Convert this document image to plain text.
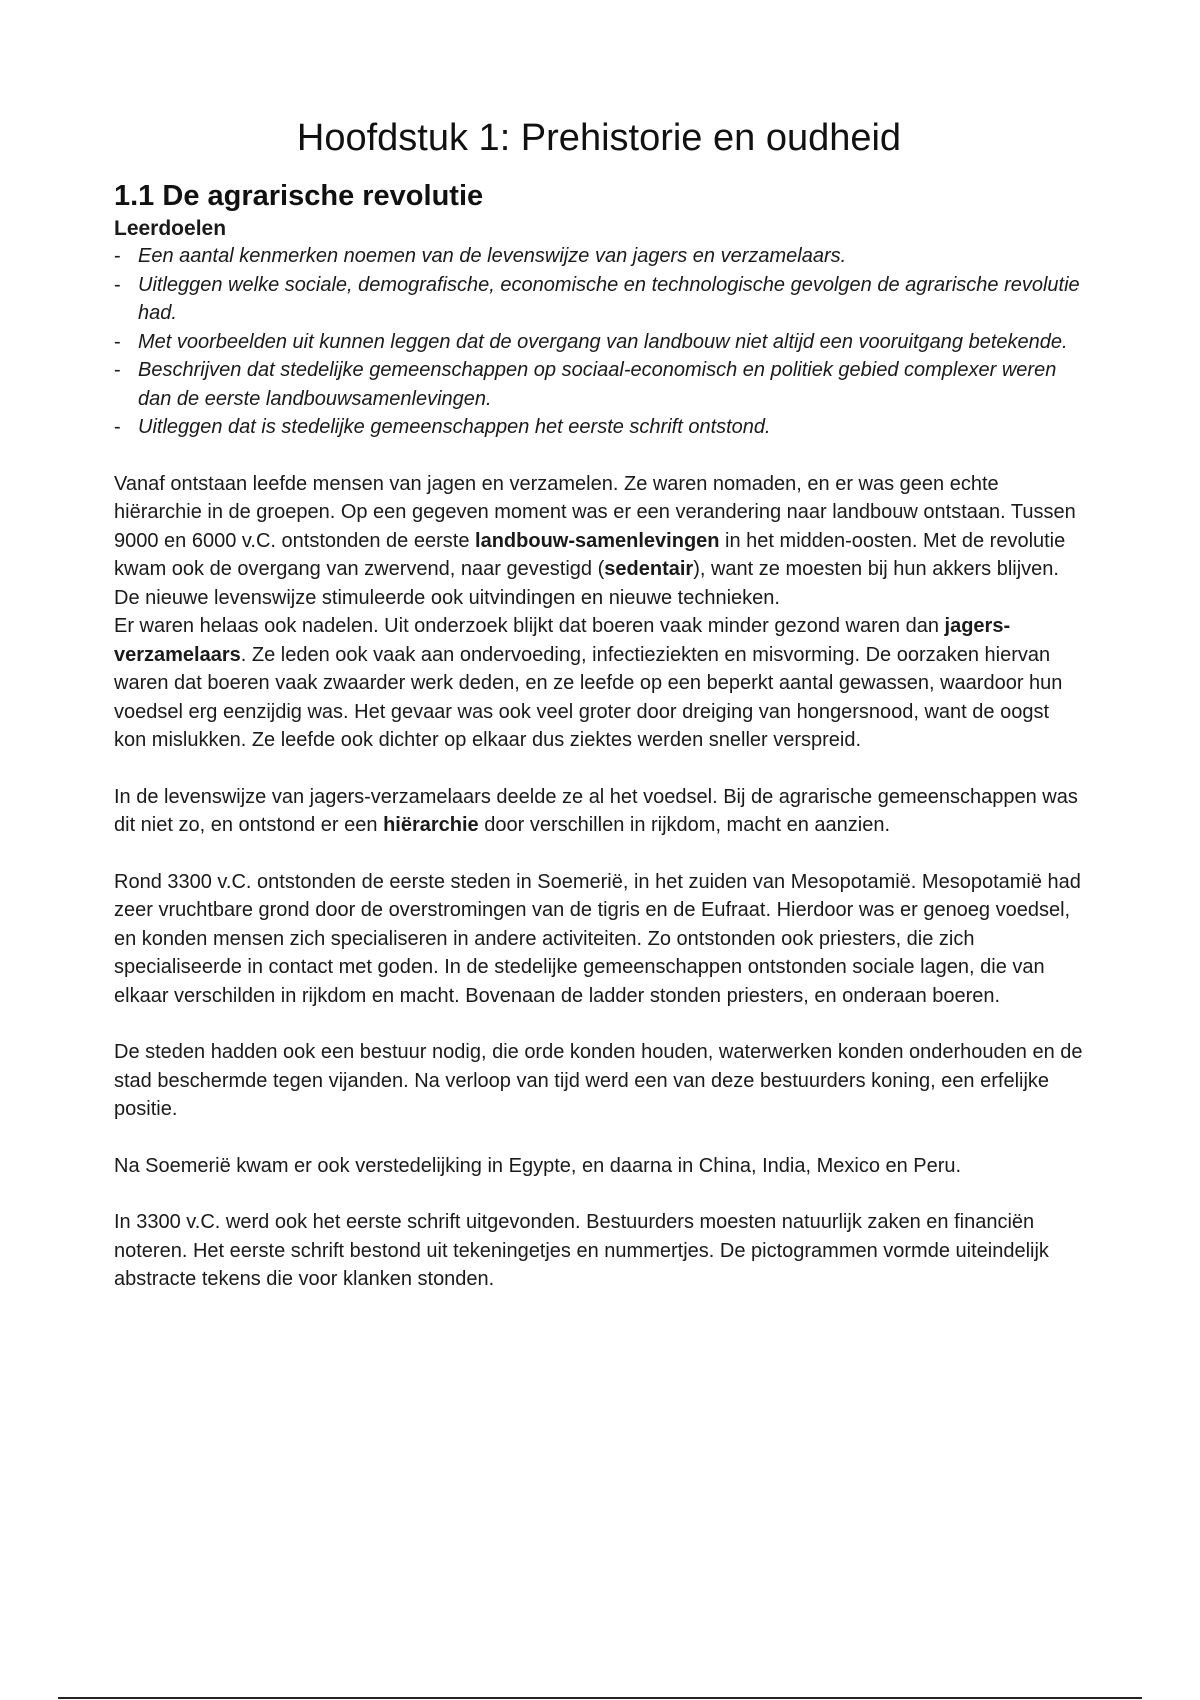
Hoofdstuk 1: Prehistorie en oudheid
1.1 De agrarische revolutie
Leerdoelen
- Een aantal kenmerken noemen van de levenswijze van jagers en verzamelaars.
- Uitleggen welke sociale, demografische, economische en technologische gevolgen de agrarische revolutie had.
- Met voorbeelden uit kunnen leggen dat de overgang van landbouw niet altijd een vooruitgang betekende.
- Beschrijven dat stedelijke gemeenschappen op sociaal-economisch en politiek gebied complexer weren dan de eerste landbouwsamenlevingen.
- Uitleggen dat is stedelijke gemeenschappen het eerste schrift ontstond.

Vanaf ontstaan leefde mensen van jagen en verzamelen. Ze waren nomaden, en er was geen echte hiërarchie in de groepen. Op een gegeven moment was er een verandering naar landbouw ontstaan. Tussen 9000 en 6000 v.C. ontstonden de eerste landbouw-samenlevingen in het midden-oosten. Met de revolutie kwam ook de overgang van zwervend, naar gevestigd (sedentair), want ze moesten bij hun akkers blijven. De nieuwe levenswijze stimuleerde ook uitvindingen en nieuwe technieken.

Er waren helaas ook nadelen. Uit onderzoek blijkt dat boeren vaak minder gezond waren dan jagers-verzamelaars. Ze leden ook vaak aan ondervoeding, infectieziekten en misvorming. De oorzaken hiervan waren dat boeren vaak zwaarder werk deden, en ze leefde op een beperkt aantal gewassen, waardoor hun voedsel erg eenzijdig was. Het gevaar was ook veel groter door dreiging van hongersnood, want de oogst kon mislukken. Ze leefde ook dichter op elkaar dus ziektes werden sneller verspreid.

In de levenswijze van jagers-verzamelaars deelde ze al het voedsel. Bij de agrarische gemeenschappen was dit niet zo, en ontstond er een hiërarchie door verschillen in rijkdom, macht en aanzien.

Rond 3300 v.C. ontstonden de eerste steden in Soemerië, in het zuiden van Mesopotamië. Mesopotamië had zeer vruchtbare grond door de overstromingen van de tigris en de Eufraat. Hierdoor was er genoeg voedsel, en konden mensen zich specialiseren in andere activiteiten. Zo ontstonden ook priesters, die zich specialiseerde in contact met goden. In de stedelijke gemeenschappen ontstonden sociale lagen, die van elkaar verschilden in rijkdom en macht. Bovenaan de ladder stonden priesters, en onderaan boeren.

De steden hadden ook een bestuur nodig, die orde konden houden, waterwerken konden onderhouden en de stad beschermde tegen vijanden. Na verloop van tijd werd een van deze bestuurders koning, een erfelijke positie.

Na Soemerië kwam er ook verstedelijking in Egypte, en daarna in China, India, Mexico en Peru.

In 3300 v.C. werd ook het eerste schrift uitgevonden. Bestuurders moesten natuurlijk zaken en financiën noteren. Het eerste schrift bestond uit tekeningetjes en nummertjes. De pictogrammen vormde uiteindelijk abstracte tekens die voor klanken stonden.
